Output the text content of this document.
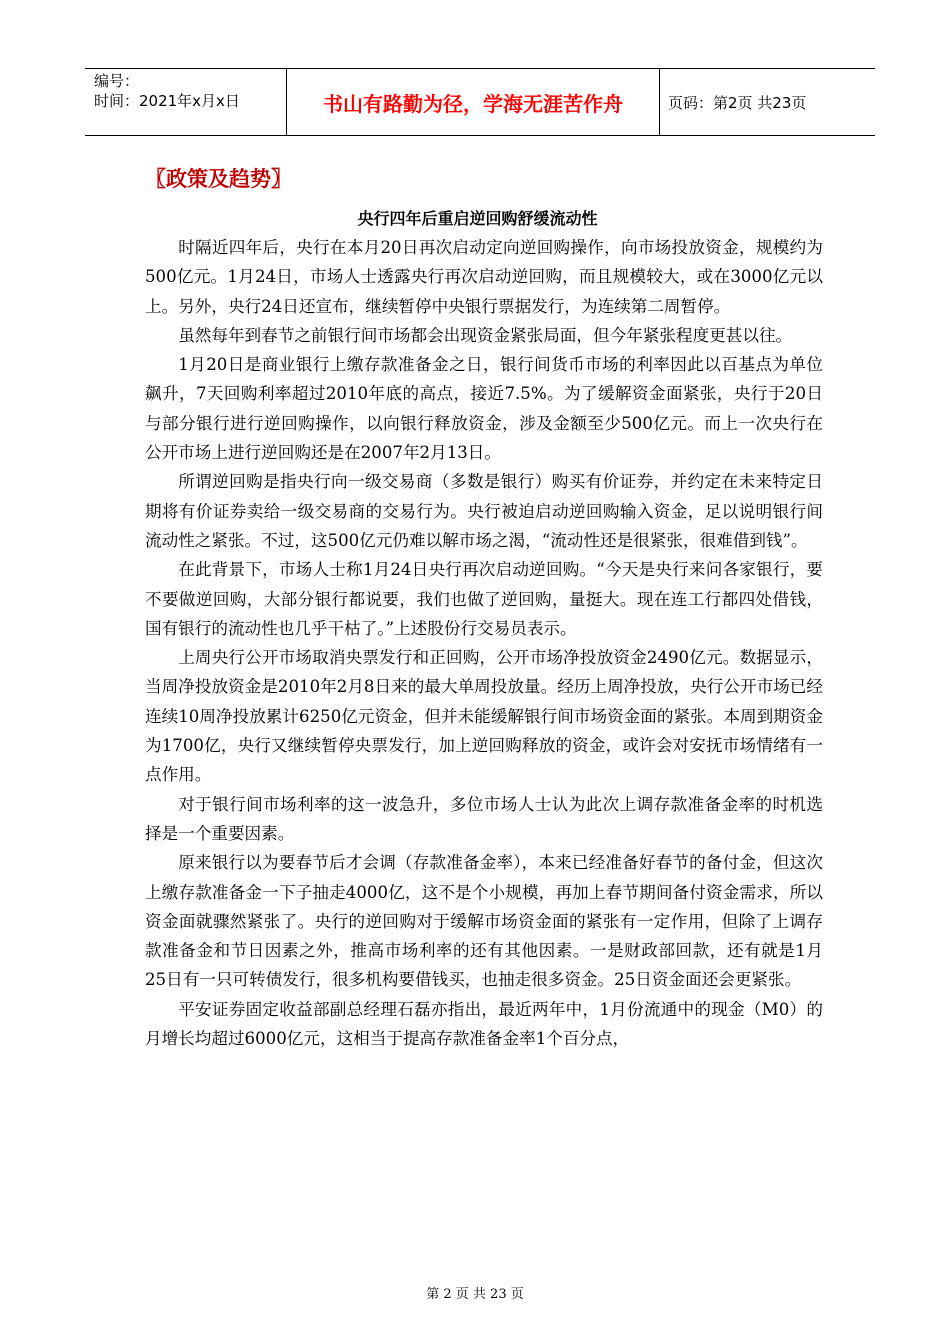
编号：
时间：2021年x月x日	书山有路勤为径，学海无涯苦作舟	页码：第2页 共23页
〖政策及趋势〗
央行四年后重启逆回购舒缓流动性

时隔近四年后，央行在本月20日再次启动定向逆回购操作，向市场投放资金，规模约为500亿元。1月24日，市场人士透露央行再次启动逆回购，而且规模较大，或在3000亿元以上。另外，央行24日还宣布，继续暂停中央银行票据发行，为连续第二周暂停。

虽然每年到春节之前银行间市场都会出现资金紧张局面，但今年紧张程度更甚以往。

1月20日是商业银行上缴存款准备金之日，银行间货币市场的利率因此以百基点为单位飙升，7天回购利率超过2010年底的高点，接近7.5%。为了缓解资金面紧张，央行于20日与部分银行进行逆回购操作，以向银行释放资金，涉及金额至少500亿元。而上一次央行在公开市场上进行逆回购还是在2007年2月13日。

所谓逆回购是指央行向一级交易商（多数是银行）购买有价证券，并约定在未来特定日期将有价证券卖给一级交易商的交易行为。央行被迫启动逆回购输入资金，足以说明银行间流动性之紧张。不过，这500亿元仍难以解市场之渴，“流动性还是很紧张，很难借到钱”。

在此背景下，市场人士称1月24日央行再次启动逆回购。“今天是央行来问各家银行，要不要做逆回购，大部分银行都说要，我们也做了逆回购，量挺大。现在连工行都四处借钱，国有银行的流动性也几乎干枯了。”上述股份行交易员表示。

上周央行公开市场取消央票发行和正回购，公开市场净投放资金2490亿元。数据显示，当周净投放资金是2010年2月8日来的最大单周投放量。经历上周净投放，央行公开市场已经连续10周净投放累计6250亿元资金，但并未能缓解银行间市场资金面的紧张。本周到期资金为1700亿，央行又继续暂停央票发行，加上逆回购释放的资金，或许会对安抚市场情绪有一点作用。

对于银行间市场利率的这一波急升，多位市场人士认为此次上调存款准备金率的时机选择是一个重要因素。

原来银行以为要春节后才会调（存款准备金率），本来已经准备好春节的备付金，但这次上缴存款准备金一下子抽走4000亿，这不是个小规模，再加上春节期间备付资金需求，所以资金面就骤然紧张了。央行的逆回购对于缓解市场资金面的紧张有一定作用，但除了上调存款准备金和节日因素之外，推高市场利率的还有其他因素。一是财政部回款，还有就是1月25日有一只可转债发行，很多机构要借钱买，也抽走很多资金。25日资金面还会更紧张。

平安证券固定收益部副总经理石磊亦指出，最近两年中，1月份流通中的现金（M0）的月增长均超过6000亿元，这相当于提高存款准备金率1个百分点，

第 2 页 共 23 页
